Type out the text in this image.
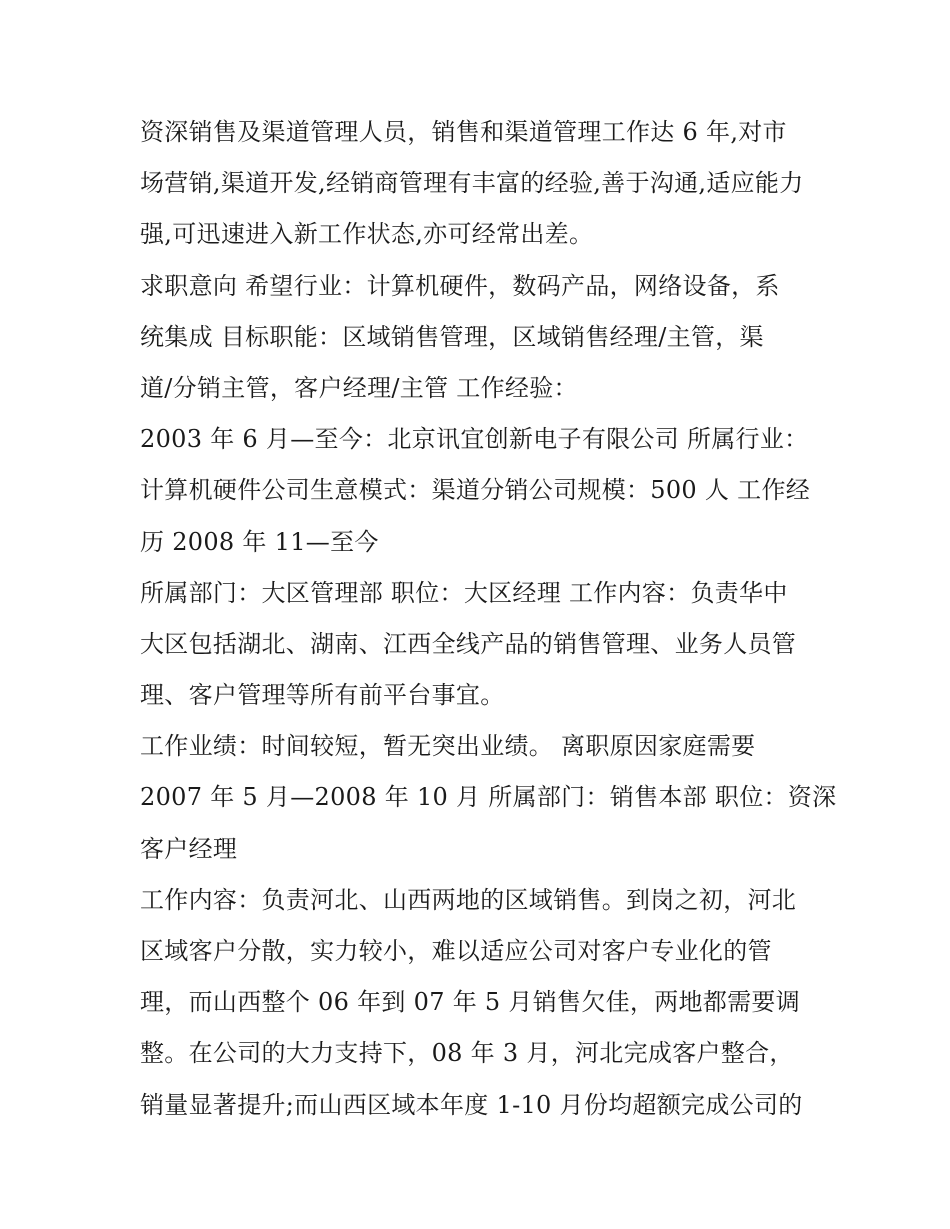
资深销售及渠道管理人员，销售和渠道管理工作达 6 年,对市
场营销,渠道开发,经销商管理有丰富的经验,善于沟通,适应能力
强,可迅速进入新工作状态,亦可经常出差。
求职意向 希望行业：计算机硬件，数码产品，网络设备，系
统集成 目标职能：区域销售管理，区域销售经理/主管，渠
道/分销主管，客户经理/主管 工作经验：
2003 年 6 月—至今：北京讯宜创新电子有限公司 所属行业：
计算机硬件公司生意模式：渠道分销公司规模：500 人 工作经
历 2008 年 11—至今
所属部门：大区管理部 职位：大区经理 工作内容：负责华中
大区包括湖北、湖南、江西全线产品的销售管理、业务人员管
理、客户管理等所有前平台事宜。
工作业绩：时间较短，暂无突出业绩。 离职原因家庭需要
2007 年 5 月—2008 年 10 月 所属部门：销售本部 职位：资深
客户经理
工作内容：负责河北、山西两地的区域销售。到岗之初，河北
区域客户分散，实力较小，难以适应公司对客户专业化的管
理，而山西整个 06 年到 07 年 5 月销售欠佳，两地都需要调
整。在公司的大力支持下，08 年 3 月，河北完成客户整合，
销量显著提升;而山西区域本年度 1-10 月份均超额完成公司的
